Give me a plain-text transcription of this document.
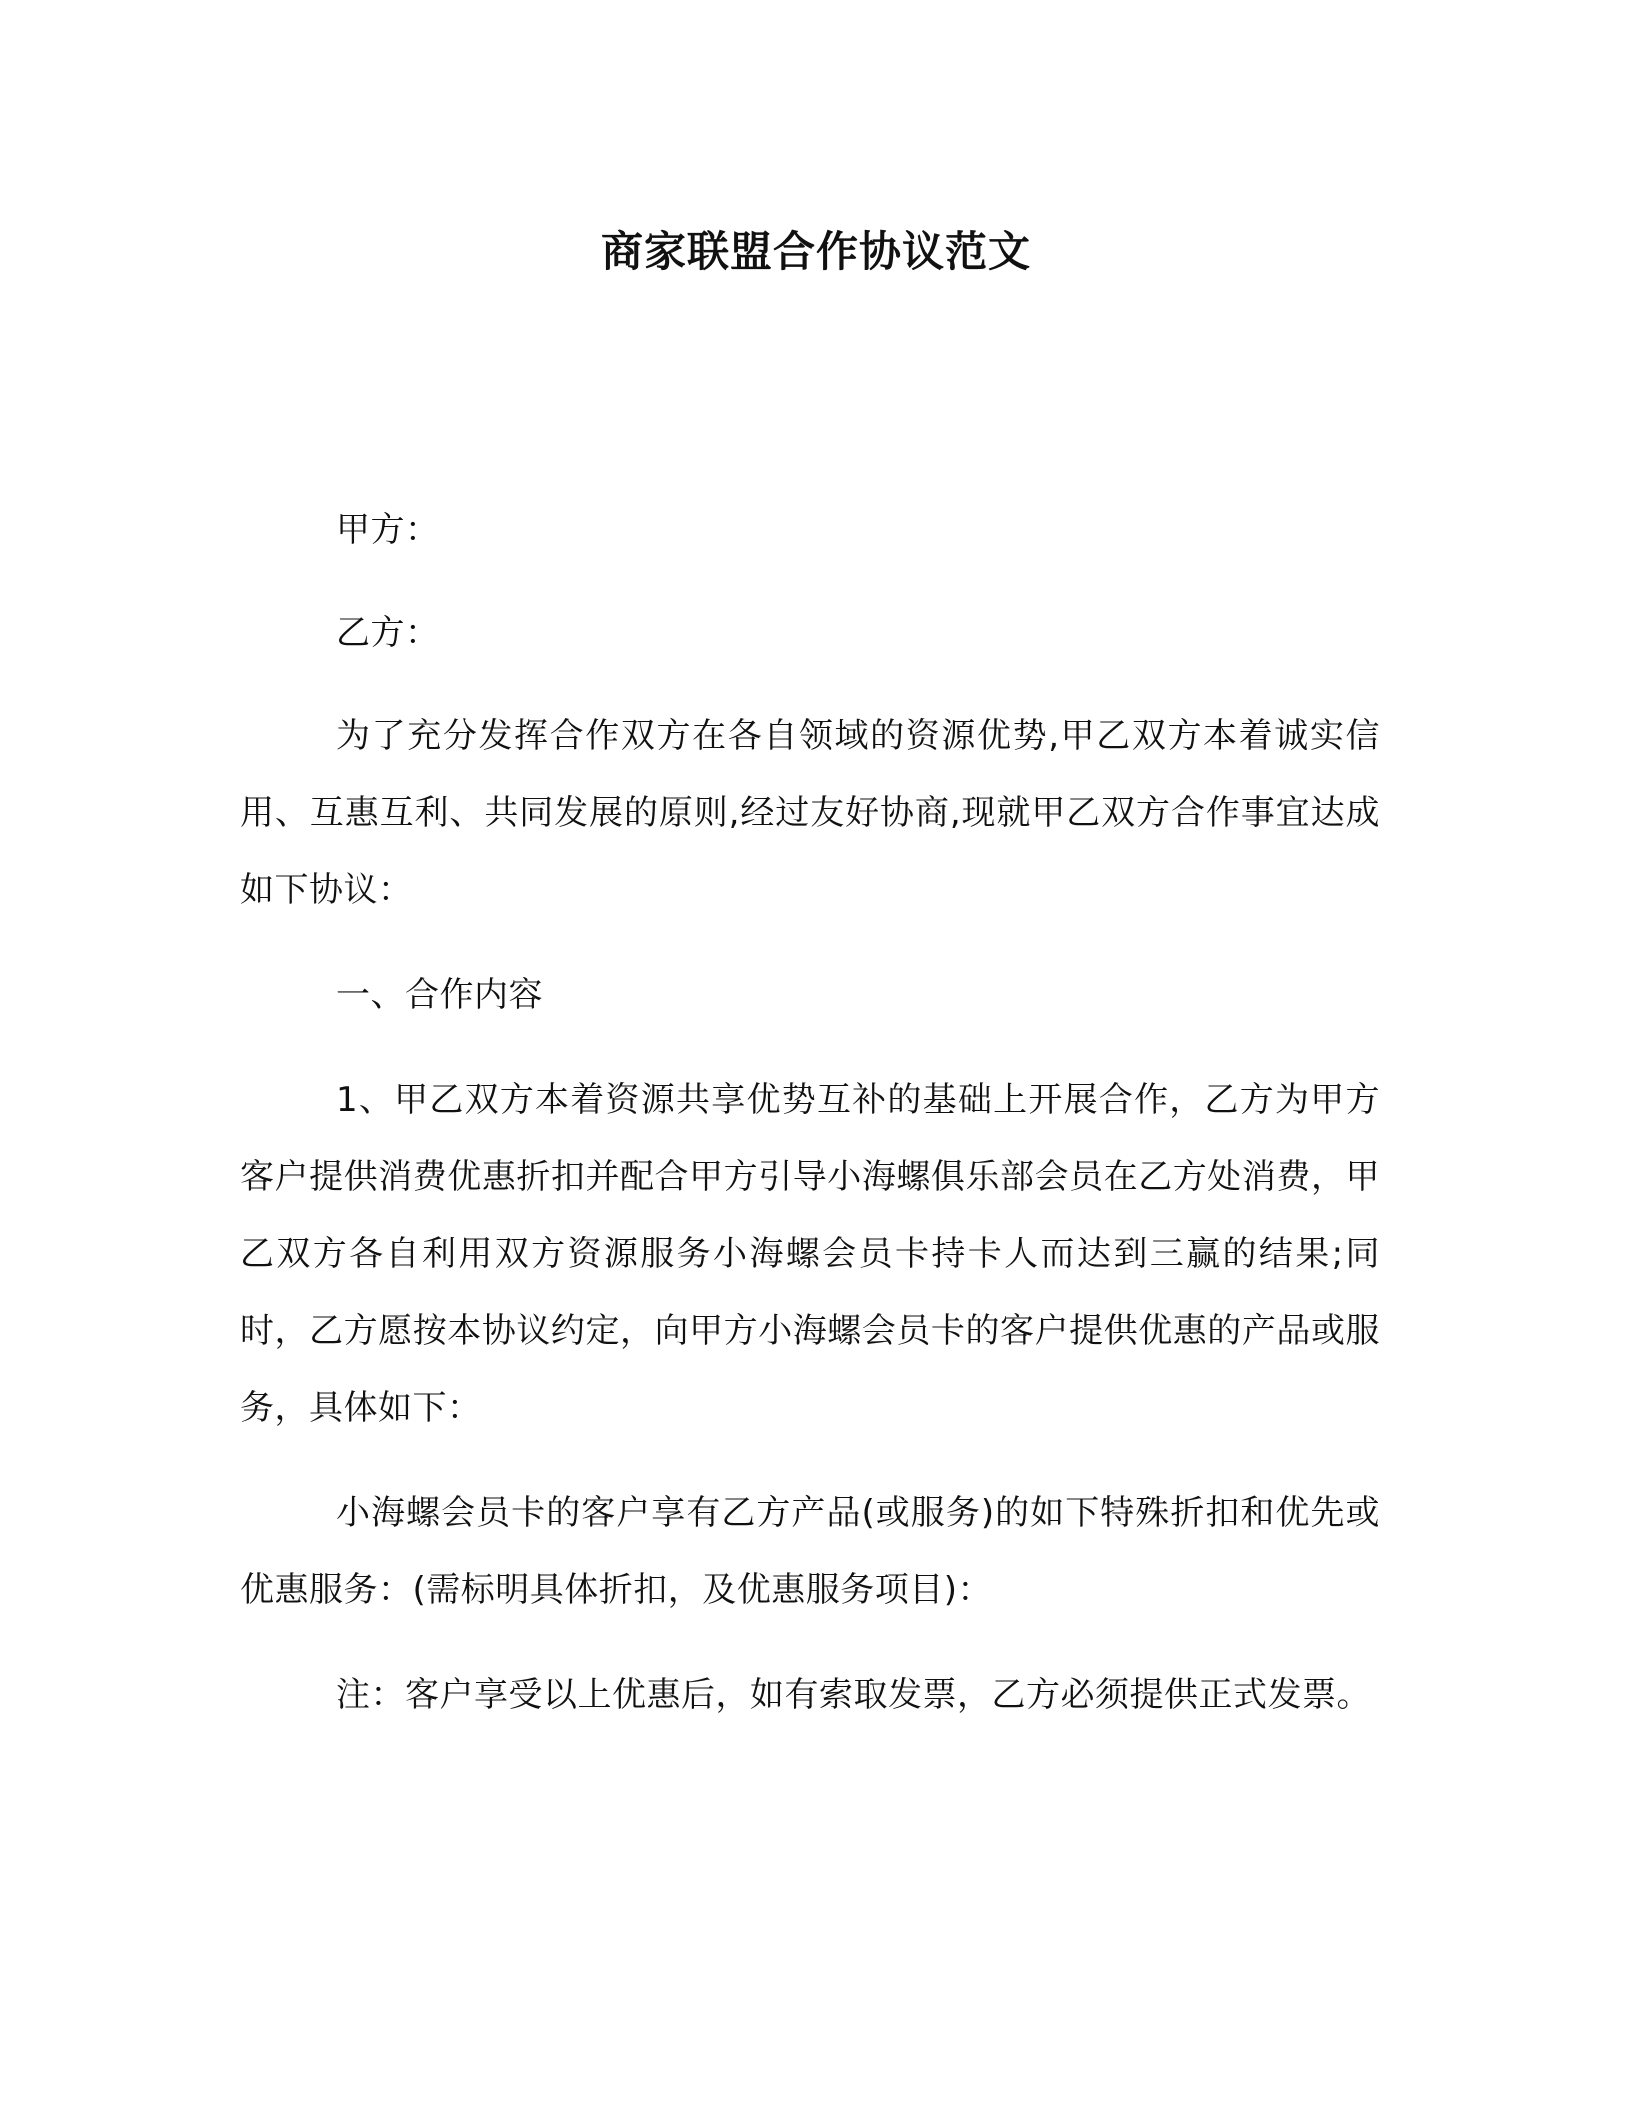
商家联盟合作协议范文

甲方：

乙方：

为了充分发挥合作双方在各自领域的资源优势,甲乙双方本着诚实信用、互惠互利、共同发展的原则,经过友好协商,现就甲乙双方合作事宜达成如下协议：

一、合作内容

1、甲乙双方本着资源共享优势互补的基础上开展合作，乙方为甲方客户提供消费优惠折扣并配合甲方引导小海螺俱乐部会员在乙方处消费，甲乙双方各自利用双方资源服务小海螺会员卡持卡人而达到三赢的结果;同时，乙方愿按本协议约定，向甲方小海螺会员卡的客户提供优惠的产品或服务，具体如下：

小海螺会员卡的客户享有乙方产品(或服务)的如下特殊折扣和优先或优惠服务：(需标明具体折扣，及优惠服务项目)：

注：客户享受以上优惠后，如有索取发票，乙方必须提供正式发票。
